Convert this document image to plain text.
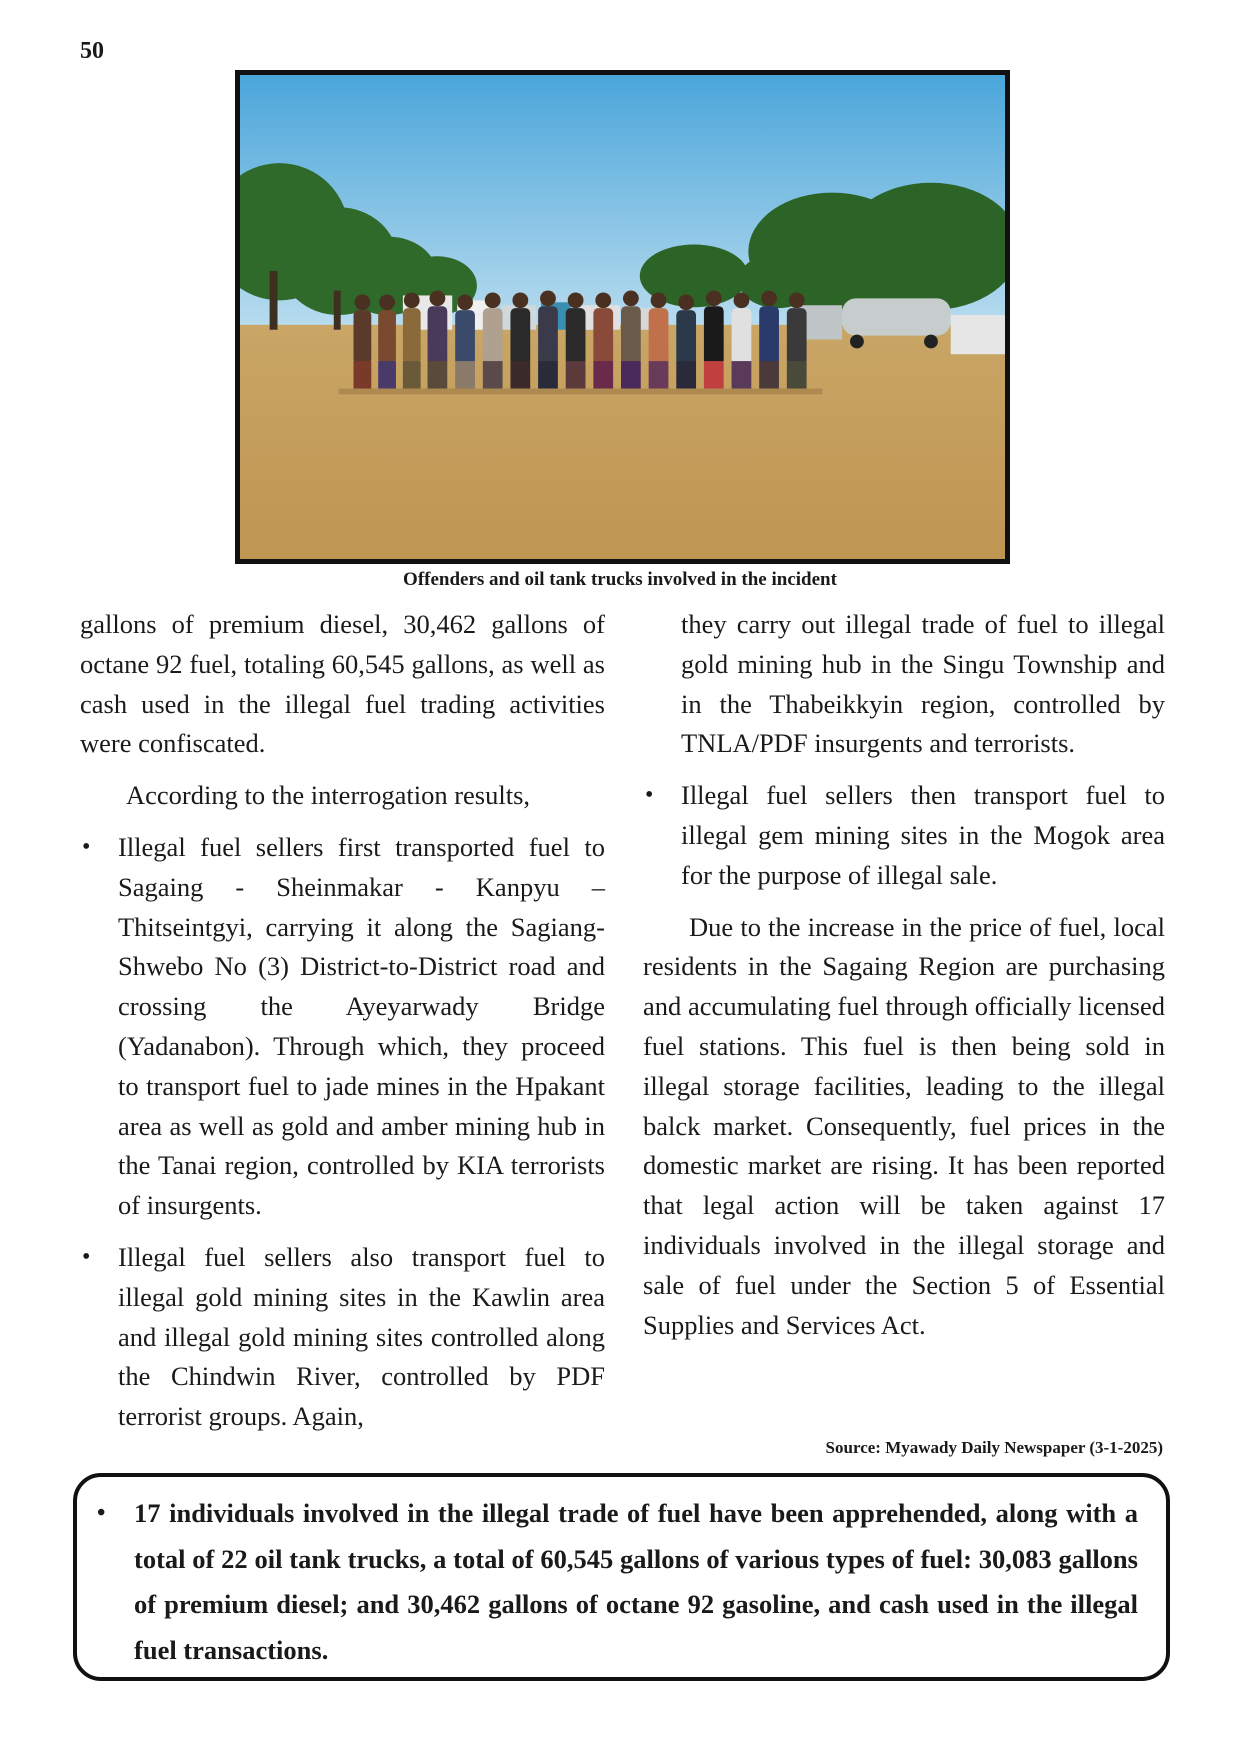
50
Offenders and oil tank trucks involved in the incident

gallons of premium diesel, 30,462 gallons of octane 92 fuel, totaling 60,545 gallons, as well as cash used in the illegal fuel trading activities were confiscated.

According to the interrogation results,

• Illegal fuel sellers first transported fuel to Sagaing - Sheinmakar - Kanpyu – Thitseintgyi, carrying it along the Sagiang-Shwebo No (3) District-to-District road and crossing the Ayeyarwady Bridge (Yadanabon). Through which, they proceed to transport fuel to jade mines in the Hpakant area as well as gold and amber mining hub in the Tanai region, controlled by KIA terrorists of insurgents.
• Illegal fuel sellers also transport fuel to illegal gold mining sites in the Kawlin area and illegal gold mining sites controlled along the Chindwin River, controlled by PDF terrorist groups. Again,
they carry out illegal trade of fuel to illegal gold mining hub in the Singu Township and in the Thabeikkyin region, controlled by TNLA/PDF insurgents and terrorists.
• Illegal fuel sellers then transport fuel to illegal gem mining sites in the Mogok area for the purpose of illegal sale.

Due to the increase in the price of fuel, local residents in the Sagaing Region are purchasing and accumulating fuel through officially licensed fuel stations. This fuel is then being sold in illegal storage facilities, leading to the illegal balck market. Consequently, fuel prices in the domestic market are rising. It has been reported that legal action will be taken against 17 individuals involved in the illegal storage and sale of fuel under the Section 5 of Essential Supplies and Services Act.

Source: Myawady Daily Newspaper (3-1-2025)
• 17 individuals involved in the illegal trade of fuel have been apprehended, along with a total of 22 oil tank trucks, a total of 60,545 gallons of various types of fuel: 30,083 gallons of premium diesel; and 30,462 gallons of octane 92 gasoline, and cash used in the illegal fuel transactions.
